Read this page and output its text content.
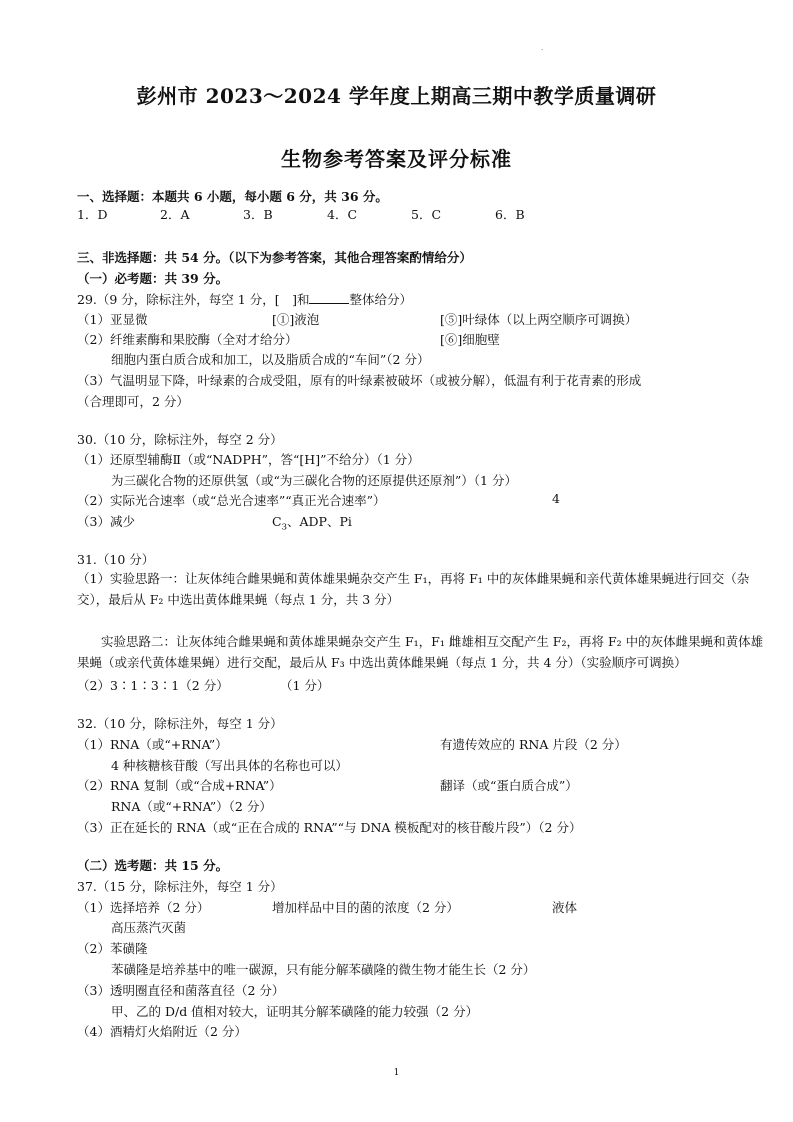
.
彭州市 2023～2024 学年度上期高三期中教学质量调研
生物参考答案及评分标准
一、选择题：本题共 6 小题，每小题 6 分，共 36 分。
1．D	2．A	3．B	4．C	5．C	6．B
三、非选择题：共 54 分。（以下为参考答案，其他合理答案酌情给分）
（一）必考题：共 39 分。
29.（9 分，除标注外，每空 1 分，[　]和	整体给分）
（1）亚显微	[①]液泡	[⑤]叶绿体（以上两空顺序可调换）
（2）纤维素酶和果胶酶（全对才给分）	[⑥]细胞壁
细胞内蛋白质合成和加工，以及脂质合成的“车间”（2 分）
（3）气温明显下降，叶绿素的合成受阻，原有的叶绿素被破坏（或被分解），低温有利于花青素的形成
（合理即可，2 分）
30.（10 分，除标注外，每空 2 分）
（1）还原型辅酶Ⅱ（或“NADPH”，答“[H]”不给分）（1 分）
为三碳化合物的还原供氢（或“为三碳化合物的还原提供还原剂”）（1 分）
（2）实际光合速率（或“总光合速率”“真正光合速率”）	4
（3）减少	$C_3$、ADP、Pi
31.（10 分）
（1）实验思路一：让灰体纯合雌果蝇和黄体雄果蝇杂交产生 F₁，再将 F₁ 中的灰体雌果蝇和亲代黄体雄果蝇进行回交（杂交），最后从 F₂ 中选出黄体雌果蝇（每点 1 分，共 3 分）
实验思路二：让灰体纯合雌果蝇和黄体雄果蝇杂交产生 F₁，F₁ 雌雄相互交配产生 F₂，再将 F₂ 中的灰体雌果蝇和黄体雄果蝇（或亲代黄体雄果蝇）进行交配，最后从 F₃ 中选出黄体雌果蝇（每点 1 分，共 4 分）（实验顺序可调换）
（2）3∶1∶3∶1（2 分）	（1 分）
32.（10 分，除标注外，每空 1 分）
（1）RNA（或“+RNA”）	有遗传效应的 RNA 片段（2 分）
4 种核糖核苷酸（写出具体的名称也可以）
（2）RNA 复制（或“合成+RNA”）	翻译（或“蛋白质合成”）
RNA（或“+RNA”）（2 分）
（3）正在延长的 RNA（或“正在合成的 RNA”“与 DNA 模板配对的核苷酸片段”）（2 分）
（二）选考题：共 15 分。
37.（15 分，除标注外，每空 1 分）
（1）选择培养（2 分）	增加样品中目的菌的浓度（2 分）	液体
高压蒸汽灭菌
（2）苯磺隆
苯磺隆是培养基中的唯一碳源，只有能分解苯磺隆的微生物才能生长（2 分）
（3）透明圈直径和菌落直径（2 分）
甲、乙的 D/d 值相对较大，证明其分解苯磺隆的能力较强（2 分）
（4）酒精灯火焰附近（2 分）
1
